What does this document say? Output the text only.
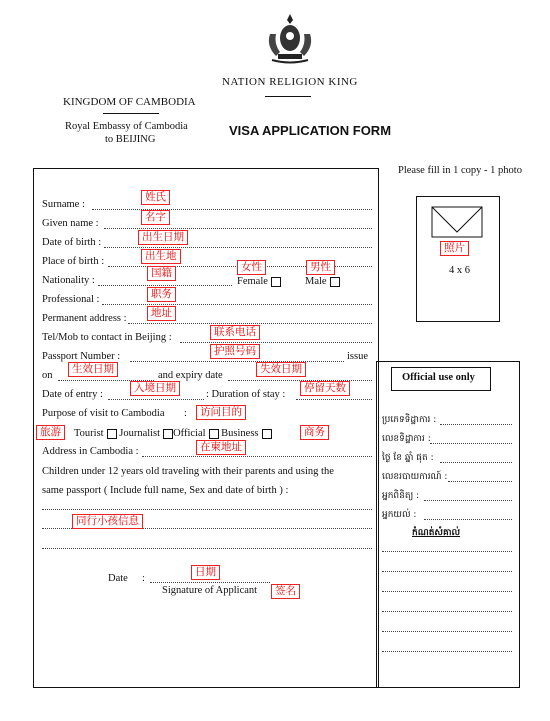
NATION RELIGION KING
KINGDOM OF CAMBODIA
Royal Embassy of Cambodia
to BEIJING
VISA APPLICATION FORM
Please fill in 1 copy - 1 photo
Surname :
姓氏
Given name :
名字
Date of birth :	出生日期
Place of birth :	出生地
Nationality :
国籍
Female	Male
女性	男性
Professional :	职务
Permanent address :	地址
Tel/Mob to contact in Beijing :	联系电话
Passport Number :	issue
护照号码
on	and expiry date
生效日期	失效日期
Date of entry :	: Duration of stay :
入境日期	停留天数
Purpose of visit to Cambodia :	访问目的
Tourist Journalist Official Business
旅游	商务
Address in Cambodia :	在柬地址
Children under 12 years old traveling with their parents and using the
same passport ( Include full name, Sex and date of birth ) :
同行小孩信息
Date :
日期
Signature of Applicant	签名
照片
4 x 6
Official use only
ប្រភេទទិដ្ឋាការ :
លេខទិដ្ឋាការ :
ថ្ងៃ ខែ ឆ្នាំ ផុត :
លេខរបាយការណ៍ :
អ្នកពិនិត្យ :
អ្នកយល់ :
កំណត់សំគាល់
